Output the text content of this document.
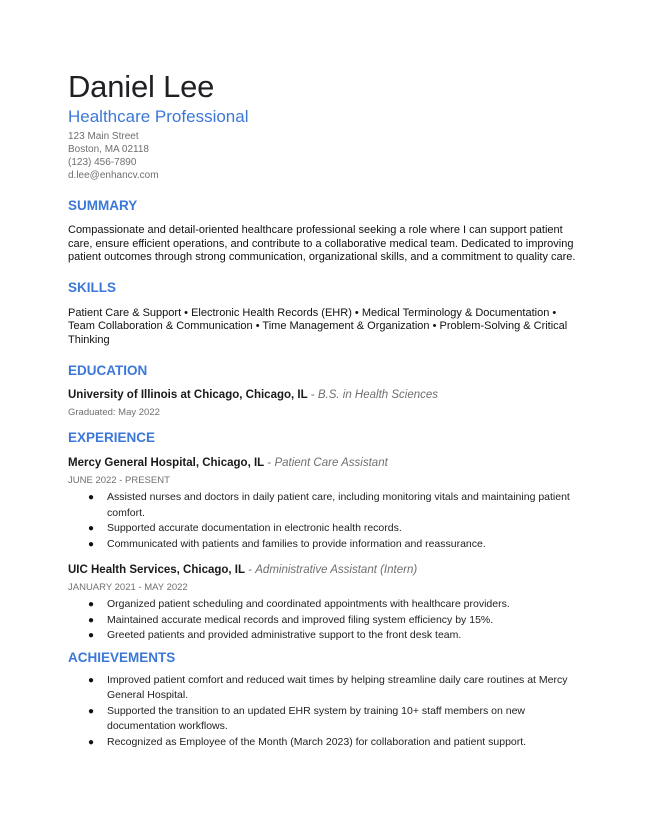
Daniel Lee
Healthcare Professional
123 Main Street
Boston, MA 02118
(123) 456-7890
d.lee@enhancv.com
SUMMARY
Compassionate and detail-oriented healthcare professional seeking a role where I can support patient care, ensure efficient operations, and contribute to a collaborative medical team. Dedicated to improving patient outcomes through strong communication, organizational skills, and a commitment to quality care.
SKILLS
Patient Care & Support • Electronic Health Records (EHR) • Medical Terminology & Documentation • Team Collaboration & Communication • Time Management & Organization • Problem-Solving & Critical Thinking
EDUCATION
University of Illinois at Chicago, Chicago, IL - B.S. in Health Sciences
Graduated: May 2022
EXPERIENCE
Mercy General Hospital, Chicago, IL - Patient Care Assistant
JUNE 2022 - PRESENT
● Assisted nurses and doctors in daily patient care, including monitoring vitals and maintaining patient comfort.
● Supported accurate documentation in electronic health records.
● Communicated with patients and families to provide information and reassurance.
UIC Health Services, Chicago, IL - Administrative Assistant (Intern)
JANUARY 2021 - MAY 2022
● Organized patient scheduling and coordinated appointments with healthcare providers.
● Maintained accurate medical records and improved filing system efficiency by 15%.
● Greeted patients and provided administrative support to the front desk team.
ACHIEVEMENTS
● Improved patient comfort and reduced wait times by helping streamline daily care routines at Mercy General Hospital.
● Supported the transition to an updated EHR system by training 10+ staff members on new documentation workflows.
● Recognized as Employee of the Month (March 2023) for collaboration and patient support.
